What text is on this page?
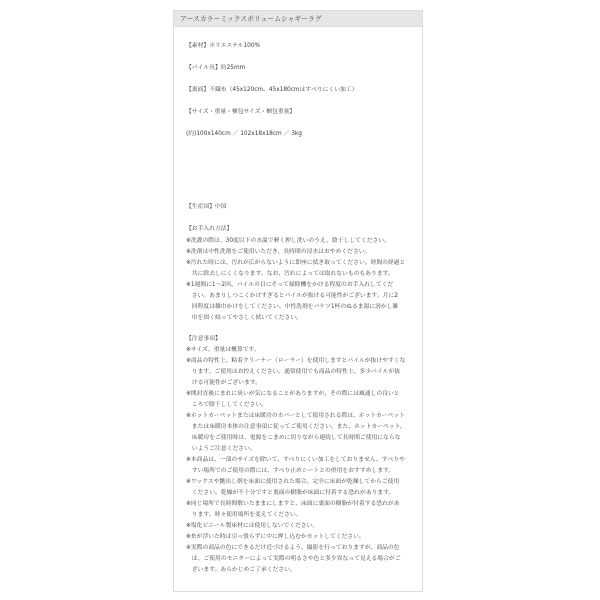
アースカラーミックスボリュームシャギーラグ
【素材】ポリエステル100%
【パイル長】約25mm
【裏面】不織布（45x120cm、45x180cmはすべりにくい加工）
【サイズ・重量・梱包サイズ・梱包重量】
(約)100x140cm ／ 102x18x18cm ／ 3kg
【生産国】中国
【お手入れ方法】
※洗濯の際は、30度以下の水温で軽く押し洗いのうえ、陰干ししてください。
※洗剤は中性洗剤をご使用いただき、長時間の浸水はおやめください。
※汚れた時には、汚れが広がらないように即座に拭き取ってください。時間の経過と
　共に除去しにくくなります。なお、汚れによっては取れないものもあります。
※1週間に1〜2回、パイルの目にそって掃除機をかける程度のお手入れしてくだ
　さい。あまりしつこくかけすぎるとパイルが抜ける可能性がございます。月に2
　回程度は雑巾かけをしてください。中性洗剤をバケツ1杯のぬるま湯に溶かし雑
　巾を固く絞ってやさしく拭いてください。
【注意事項】
※サイズ、重量は概算です。
※商品の特性上、粘着クリーナー（ローラー）を使用しますとパイルが抜けやすくな
　ります。ご使用はお控えください。通常使用でも商品の特性上、多少パイルが抜
　ける可能性がございます。
※開封直後にまれに臭いが気になることがありますが、その際には風通しの良いと
　ころで陰干ししてください。
※ホットカーペットまたは床暖房のカバーとして使用される際は、ホットカーペット
　または床暖房本体の注意事項に従ってご使用ください。また、ホットカーペット、
　床暖房をご使用時は、電源をこまめに切りながら連続して長時間ご使用にならな
　いようご注意ください。
※本商品は、一部のサイズを除いて、すべりにくい加工をしておりません。すべりや
　すい場所でのご使用の際には、すべり止めシートとの併用をおすすめします。
※ワックスや艶出し剤を床面に使用された場合、完全に床面が乾燥してからご使用
　ください。乾燥が不十分ですと裏面の樹脂が床面に付着する恐れがあります。
※同じ場所で長時間敷いたままにしますと、床面に裏面の樹脂が付着する恐れがあ
　ります。時々使用場所を変えてください。
※塩化ビニール製床材には使用しないでください。
※糸が浮いた時は引っ張らずに中に押し込むかカットしてください。
※実際の商品の色にできるだけ近づけるよう、撮影を行っておりますが、商品の色
　は、ご使用のモニターによって実際の明るさや色と多少異なって見える場合がご
　ざいます。あらかじめご了承ください。
